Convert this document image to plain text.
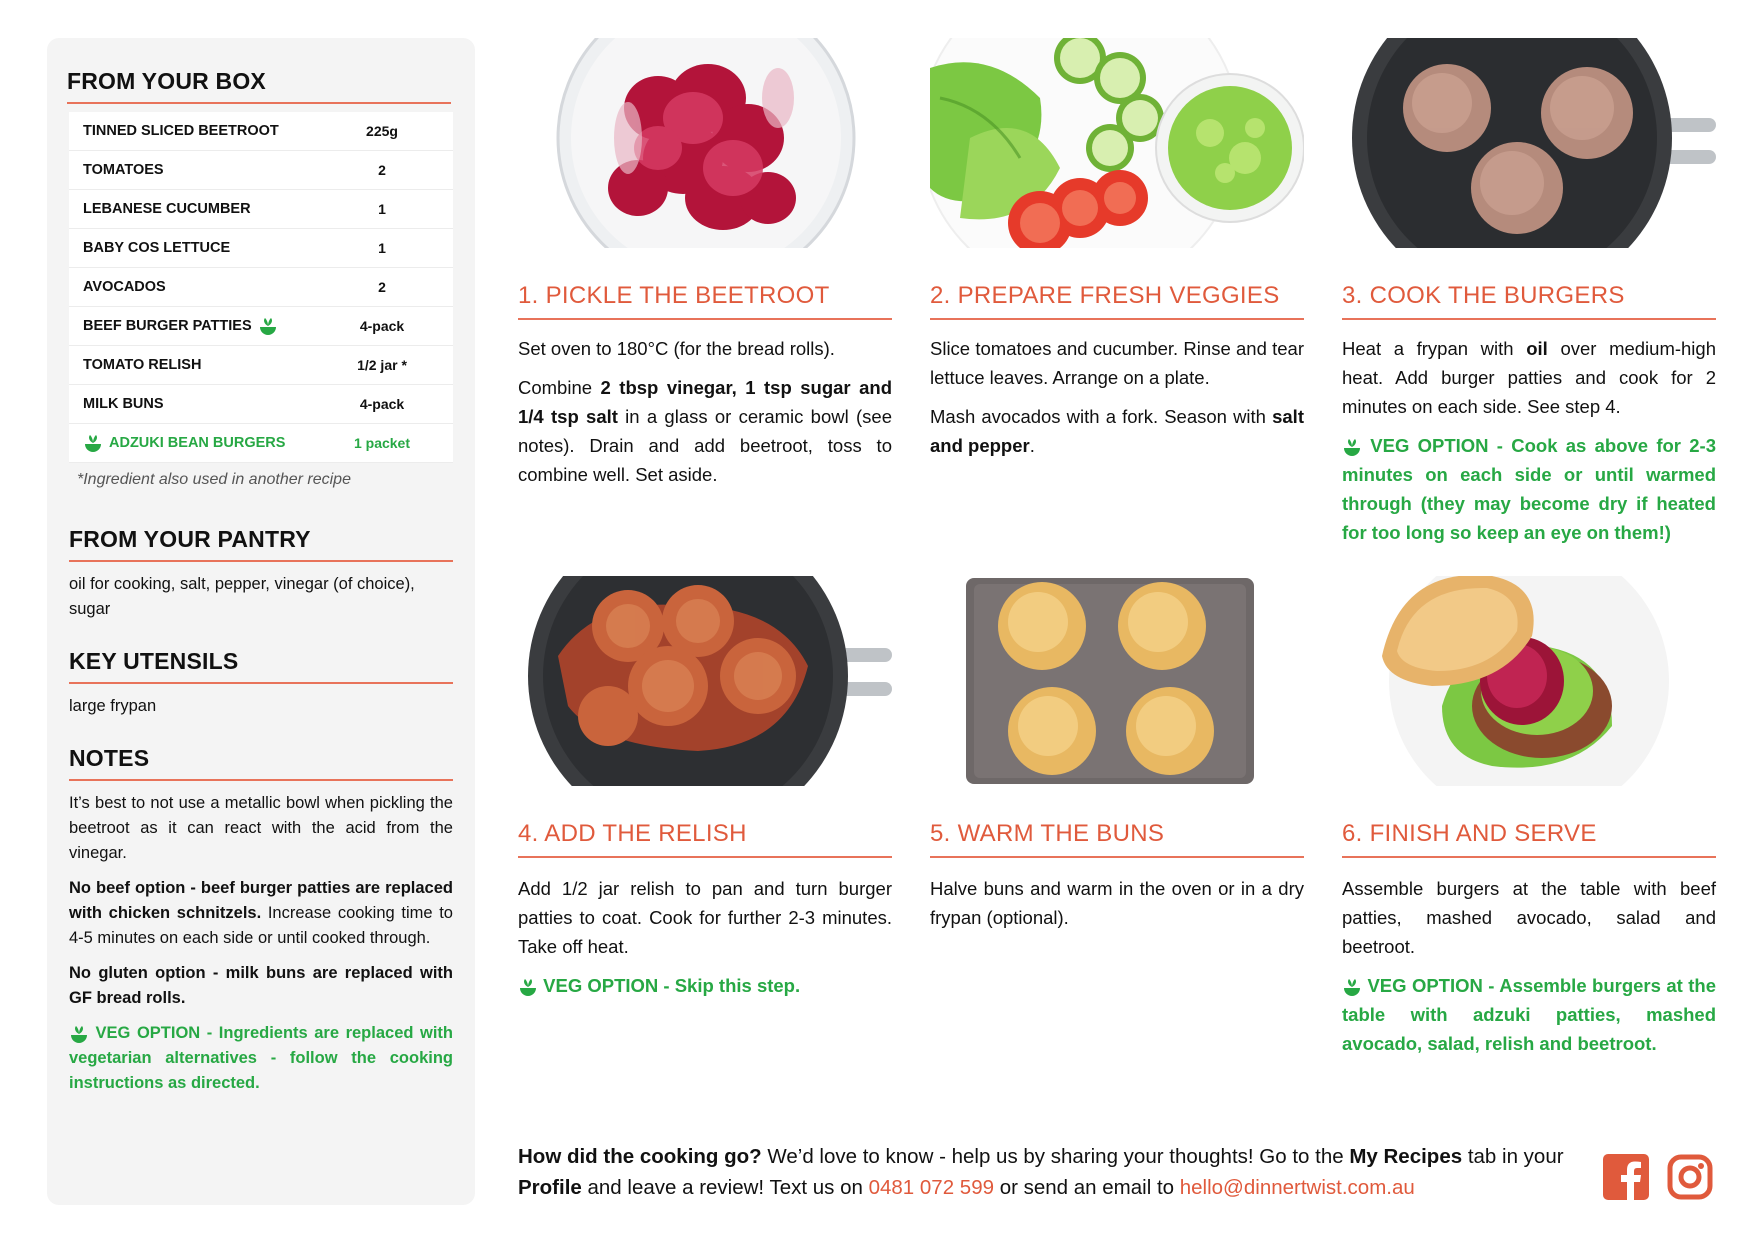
FROM YOUR BOX
TINNED SLICED BEETROOT	225g
TOMATOES	2
LEBANESE CUCUMBER	1
BABY COS LETTUCE	1
AVOCADOS	2
BEEF BURGER PATTIES	4-pack
TOMATO RELISH	1/2 jar *
MILK BUNS	4-pack
ADZUKI BEAN BURGERS	1 packet
*Ingredient also used in another recipe
FROM YOUR PANTRY
oil for cooking, salt, pepper, vinegar (of choice), sugar
KEY UTENSILS
large frypan
NOTES

It’s best to not use a metallic bowl when pickling the beetroot as it can react with the acid from the vinegar.

No beef option - beef burger patties are replaced with chicken schnitzels. Increase cooking time to 4-5 minutes on each side or until cooked through.

No gluten option - milk buns are replaced with GF bread rolls.

VEG OPTION - Ingredients are replaced with vegetarian alternatives - follow the cooking instructions as directed.

1. PICKLE THE BEETROOT

Set oven to 180°C (for the bread rolls).

Combine 2 tbsp vinegar, 1 tsp sugar and 1/4 tsp salt in a glass or ceramic bowl (see notes). Drain and add beetroot, toss to combine well. Set aside.

2. PREPARE FRESH VEGGIES

Slice tomatoes and cucumber. Rinse and tear lettuce leaves. Arrange on a plate.

Mash avocados with a fork. Season with salt and pepper.

3. COOK THE BURGERS

Heat a frypan with oil over medium-high heat. Add burger patties and cook for 2 minutes on each side. See step 4.

VEG OPTION - Cook as above for 2-3 minutes on each side or until warmed through (they may become dry if heated for too long so keep an eye on them!)

4. ADD THE RELISH

Add 1/2 jar relish to pan and turn burger patties to coat. Cook for further 2-3 minutes. Take off heat.

VEG OPTION - Skip this step.

5. WARM THE BUNS

Halve buns and warm in the oven or in a dry frypan (optional).

6. FINISH AND SERVE

Assemble burgers at the table with beef patties, mashed avocado, salad and beetroot.

VEG OPTION - Assemble burgers at the table with adzuki patties, mashed avocado, salad, relish and beetroot.

How did the cooking go? We’d love to know - help us by sharing your thoughts! Go to the My Recipes tab in your Profile and leave a review! Text us on 0481 072 599 or send an email to hello@dinnertwist.com.au
